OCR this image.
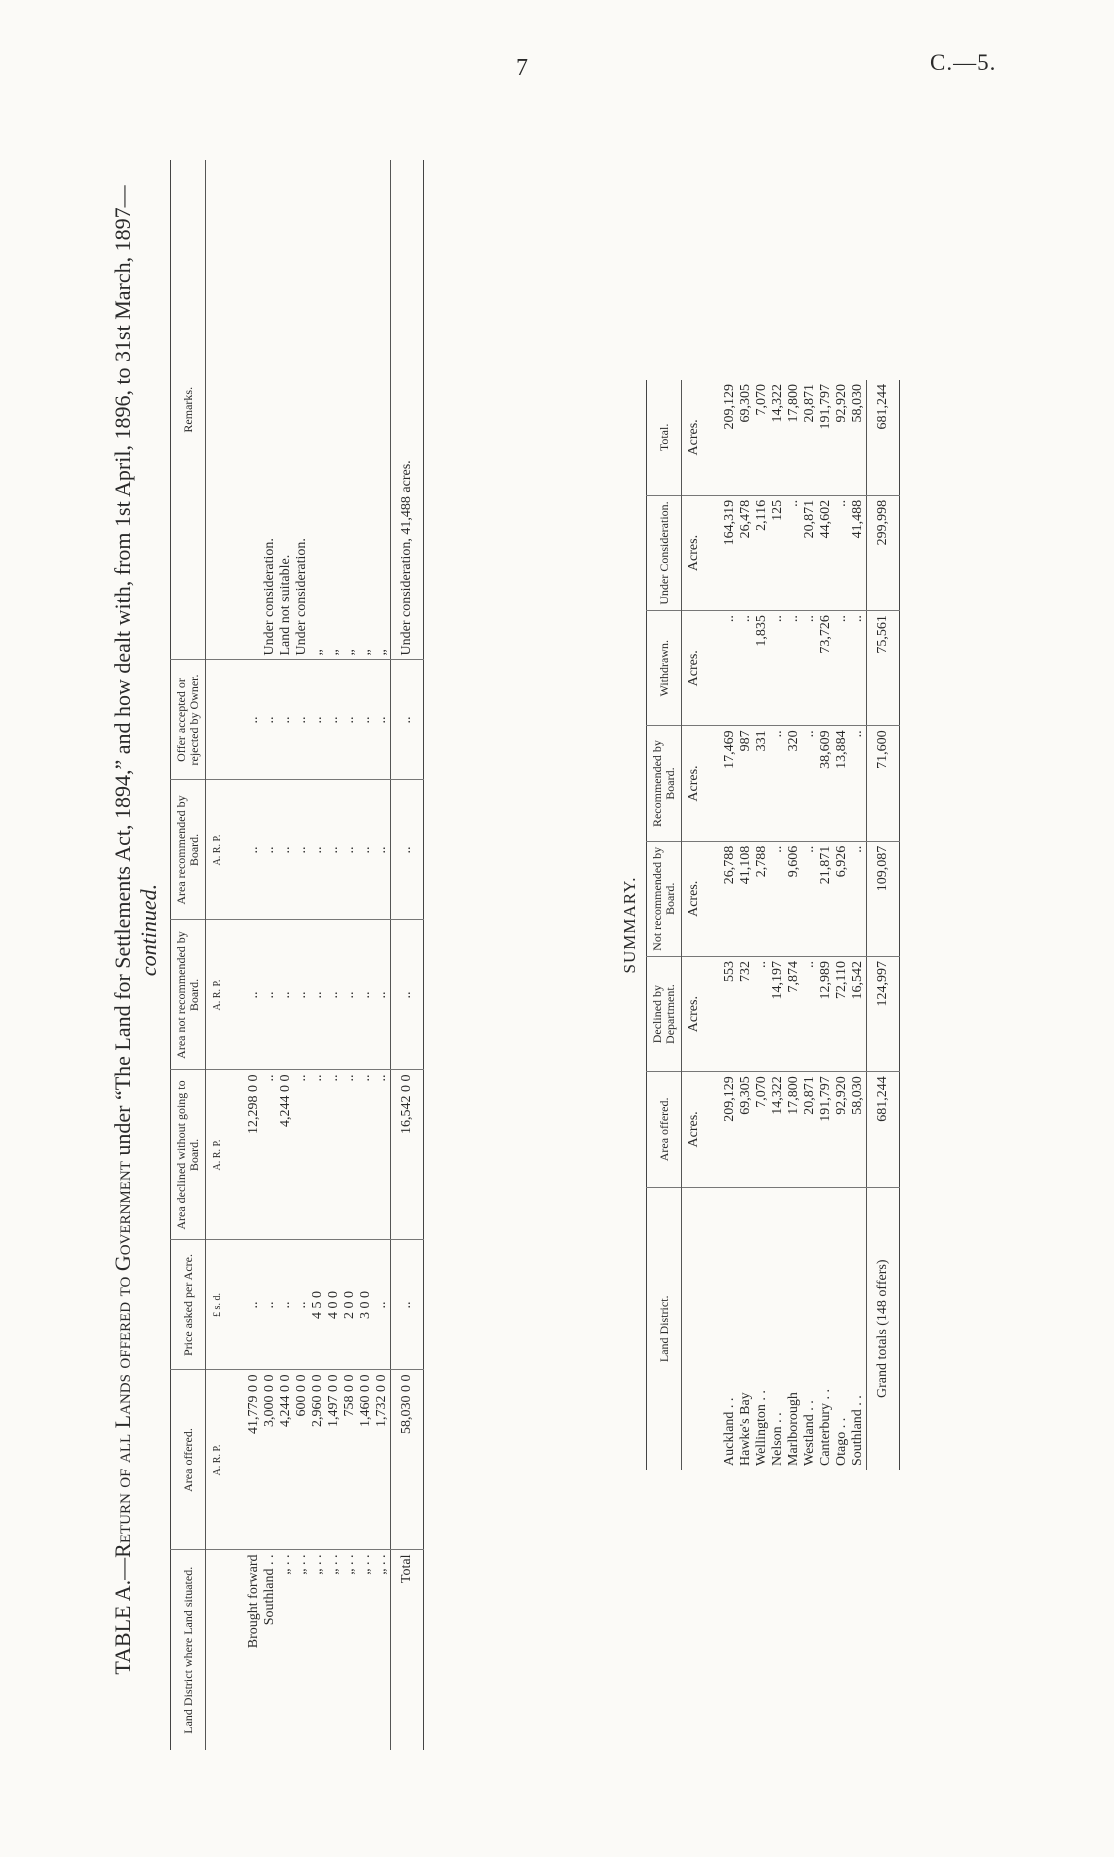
7	C.—5.
TABLE A.—Return of all Lands offered to Government under “The Land for Settlements Act, 1894,” and how dealt with, from 1st April, 1896, to 31st March, 1897—continued.
Land District where Land situated.	Area offered.	Price asked per Acre.	Area declined without going to Board.	Area not recommended by Board.	Area recommended by Board.	Offer accepted or rejected by Owner.	Remarks.
	A. R. P.	£ s. d.	A. R. P.	A. R. P.	A. R. P.		
Brought forward	41,779 0 0	..	12,298 0 0	..	..	..	
Southland . .	3,000 0 0	..	..	..	..	..	Under consideration.
„ . .	4,244 0 0	..	4,244 0 0	..	..	..	Land not suitable.
„ . .	600 0 0	..	..	..	..	..	Under consideration.
„ . .	2,960 0 0	4 5 0	..	..	..	..	„
„ . .	1,497 0 0	4 0 0	..	..	..	..	„
„ . .	758 0 0	2 0 0	..	..	..	..	„
„ . .	1,460 0 0	3 0 0	..	..	..	..	„
„ . .	1,732 0 0	..	..	..	..	..	„
Total	58,030 0 0	..	16,542 0 0	..	..	..	Under consideration, 41,488 acres.
SUMMARY.
Land District.	Area offered.	Declined by Department.	Not recommended by Board.	Recommended by Board.	Withdrawn.	Under Consideration.	Total.
	Acres.	Acres.	Acres.	Acres.	Acres.	Acres.	Acres.
Auckland . .	209,129	553	26,788	17,469	..	164,319	209,129
Hawke's Bay	69,305	732	41,108	987	..	26,478	69,305
Wellington . .	7,070	..	2,788	331	1,835	2,116	7,070
Nelson . .	14,322	14,197	..	..	..	125	14,322
Marlborough	17,800	7,874	9,606	320	..	..	17,800
Westland . .	20,871	..	..	..	..	20,871	20,871
Canterbury . .	191,797	12,989	21,871	38,609	73,726	44,602	191,797
Otago . .	92,920	72,110	6,926	13,884	..	..	92,920
Southland . .	58,030	16,542	..	..	..	41,488	58,030
Grand totals (148 offers)	681,244	124,997	109,087	71,600	75,561	299,998	681,244
